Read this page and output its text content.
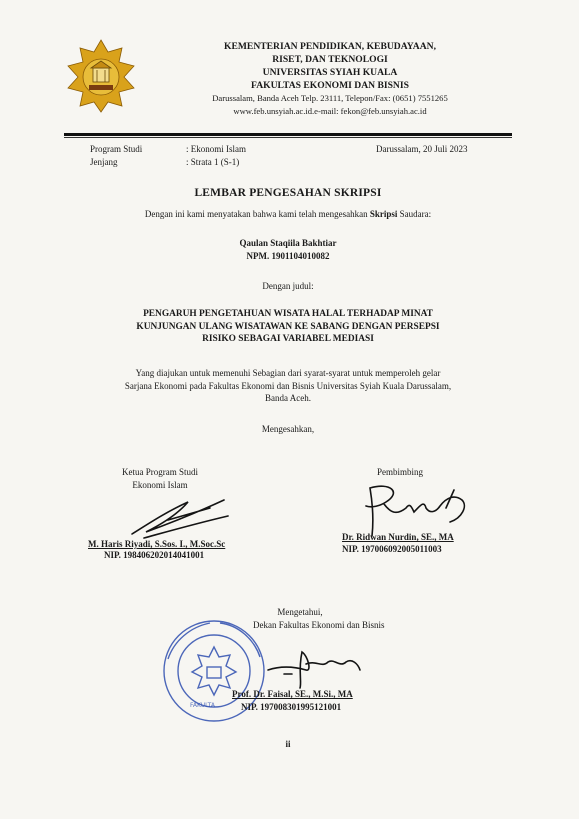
KEMENTERIAN PENDIDIKAN, KEBUDAYAAN,
RISET, DAN TEKNOLOGI
UNIVERSITAS SYIAH KUALA
FAKULTAS EKONOMI DAN BISNIS
Darussalam, Banda Aceh Telp. 23111, Telepon/Fax: (0651) 7551265
www.feb.unsyiah.ac.id.e-mail: fekon@feb.unsyiah.ac.id
Program Studi	: Ekonomi Islam
Jenjang	: Strata 1 (S-1)
Darussalam, 20 Juli 2023
LEMBAR PENGESAHAN SKRIPSI
Dengan ini kami menyatakan bahwa kami telah mengesahkan Skripsi Saudara:
Qaulan Staqiila Bakhtiar
NPM. 1901104010082
Dengan judul:
PENGARUH PENGETAHUAN WISATA HALAL TERHADAP MINAT
KUNJUNGAN ULANG WISATAWAN KE SABANG DENGAN PERSEPSI
RISIKO SEBAGAI VARIABEL MEDIASI
Yang diajukan untuk memenuhi Sebagian dari syarat-syarat untuk memperoleh gelar
Sarjana Ekonomi pada Fakultas Ekonomi dan Bisnis Universitas Syiah Kuala Darussalam,
Banda Aceh.
Mengesahkan,
Ketua Program Studi
Ekonomi Islam
M. Haris Riyadi, S.Sos. I., M.Soc.Sc
NIP. 198406202014041001
Pembimbing
Dr. Ridwan Nurdin, SE., MA
NIP. 197006092005011003
Mengetahui,
Dekan Fakultas Ekonomi dan Bisnis
FAKULTA
Prof. Dr. Faisal, SE., M.Si., MA
NIP. 197008301995121001
ii
